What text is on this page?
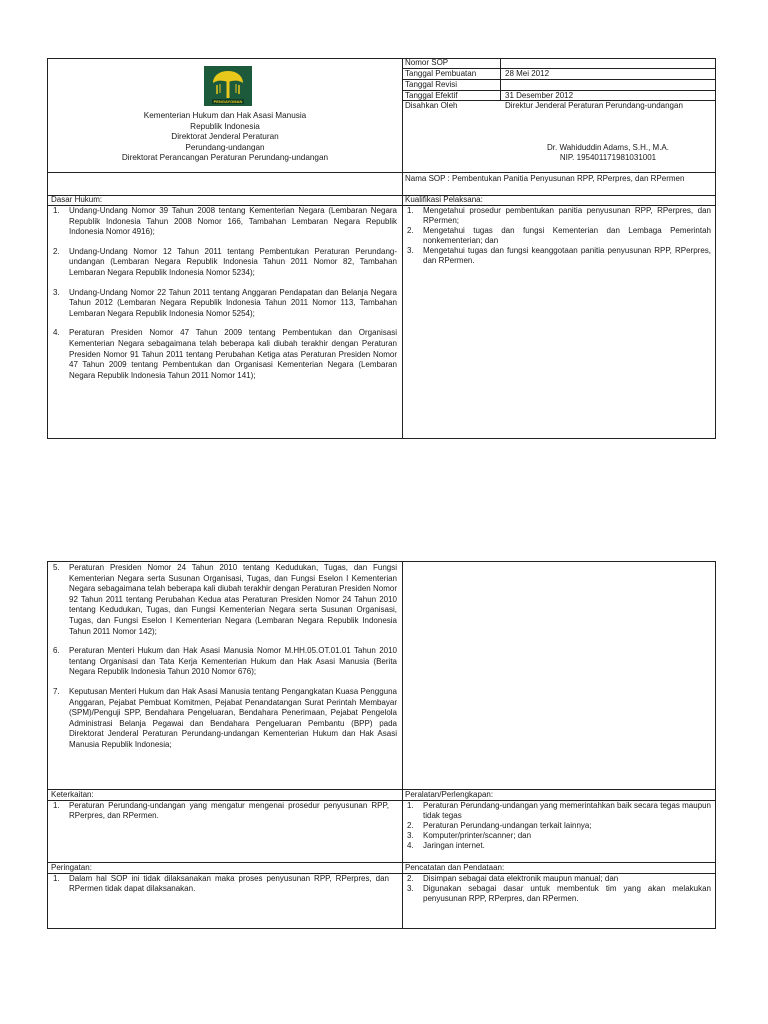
PENGAYOMAN
Kementerian Hukum dan Hak Asasi Manusia
Republik Indonesia
Direktorat Jenderal Peraturan
Perundang-undangan
Direktorat Perancangan Peraturan Perundang-undangan
Nomor SOP
Tanggal Pembuatan	28 Mei 2012
Tanggal Revisi
Tanggal Efektif	31 Desember 2012
Disahkan Oleh	Direktur Jenderal Peraturan Perundang-undangan
Dr. Wahiduddin Adams, S.H., M.A.
NIP. 195401171981031001
Nama SOP : Pembentukan Panitia Penyusunan RPP, RPerpres, dan RPermen
Dasar Hukum:	Kualifikasi Pelaksana:
1. Undang-Undang Nomor 39 Tahun 2008 tentang Kementerian Negara (Lembaran Negara Republik Indonesia Tahun 2008 Nomor 166, Tambahan Lembaran Negara Republik Indonesia Nomor 4916);
2. Undang-Undang Nomor 12 Tahun 2011 tentang Pembentukan Peraturan Perundang-undangan (Lembaran Negara Republik Indonesia Tahun 2011 Nomor 82, Tambahan Lembaran Negara Republik Indonesia Nomor 5234);
3. Undang-Undang Nomor 22 Tahun 2011 tentang Anggaran Pendapatan dan Belanja Negara Tahun 2012 (Lembaran Negara Republik Indonesia Tahun 2011 Nomor 113, Tambahan Lembaran Negara Republik Indonesia Nomor 5254);
4. Peraturan Presiden Nomor 47 Tahun 2009 tentang Pembentukan dan Organisasi Kementerian Negara sebagaimana telah beberapa kali diubah terakhir dengan Peraturan Presiden Nomor 91 Tahun 2011 tentang Perubahan Ketiga atas Peraturan Presiden Nomor 47 Tahun 2009 tentang Pembentukan dan Organisasi Kementerian Negara (Lembaran Negara Republik Indonesia Tahun 2011 Nomor 141);
1. Mengetahui prosedur pembentukan panitia penyusunan RPP, RPerpres, dan RPermen;
2. Mengetahui tugas dan fungsi Kementerian dan Lembaga Pemerintah nonkementerian; dan
3. Mengetahui tugas dan fungsi keanggotaan panitia penyusunan RPP, RPerpres, dan RPermen.
5. Peraturan Presiden Nomor 24 Tahun 2010 tentang Kedudukan, Tugas, dan Fungsi Kementerian Negara serta Susunan Organisasi, Tugas, dan Fungsi Eselon I Kementerian Negara sebagaimana telah beberapa kali diubah terakhir dengan Peraturan Presiden Nomor 92 Tahun 2011 tentang Perubahan Kedua atas Peraturan Presiden Nomor 24 Tahun 2010 tentang Kedudukan, Tugas, dan Fungsi Kementerian Negara serta Susunan Organisasi, Tugas, dan Fungsi Eselon I Kementerian Negara (Lembaran Negara Republik Indonesia Tahun 2011 Nomor 142);
6. Peraturan Menteri Hukum dan Hak Asasi Manusia Nomor M.HH.05.OT.01.01 Tahun 2010 tentang Organisasi dan Tata Kerja Kementerian Hukum dan Hak Asasi Manusia (Berita Negara Republik Indonesia Tahun 2010 Nomor 676);
7. Keputusan Menteri Hukum dan Hak Asasi Manusia tentang Pengangkatan Kuasa Pengguna Anggaran, Pejabat Pembuat Komitmen, Pejabat Penandatangan Surat Perintah Membayar (SPM)/Penguji SPP, Bendahara Pengeluaran, Bendahara Penerimaan, Pejabat Pengelola Administrasi Belanja Pegawai dan Bendahara Pengeluaran Pembantu (BPP) pada Direktorat Jenderal Peraturan Perundang-undangan Kementerian Hukum dan Hak Asasi Manusia Republik Indonesia;
Keterkaitan:	Peralatan/Perlengkapan:
1. Peraturan Perundang-undangan yang mengatur mengenai prosedur penyusunan RPP, RPerpres, dan RPermen.
1. Peraturan Perundang-undangan yang memerintahkan baik secara tegas maupun tidak tegas
2. Peraturan Perundang-undangan terkait lainnya;
3. Komputer/printer/scanner; dan
4. Jaringan internet.
Peringatan:	Pencatatan dan Pendataan:
1. Dalam hal SOP ini tidak dilaksanakan maka proses penyusunan RPP, RPerpres, dan RPermen tidak dapat dilaksanakan.
2. Disimpan sebagai data elektronik maupun manual; dan
3. Digunakan sebagai dasar untuk membentuk tim yang akan melakukan penyusunan RPP, RPerpres, dan RPermen.
